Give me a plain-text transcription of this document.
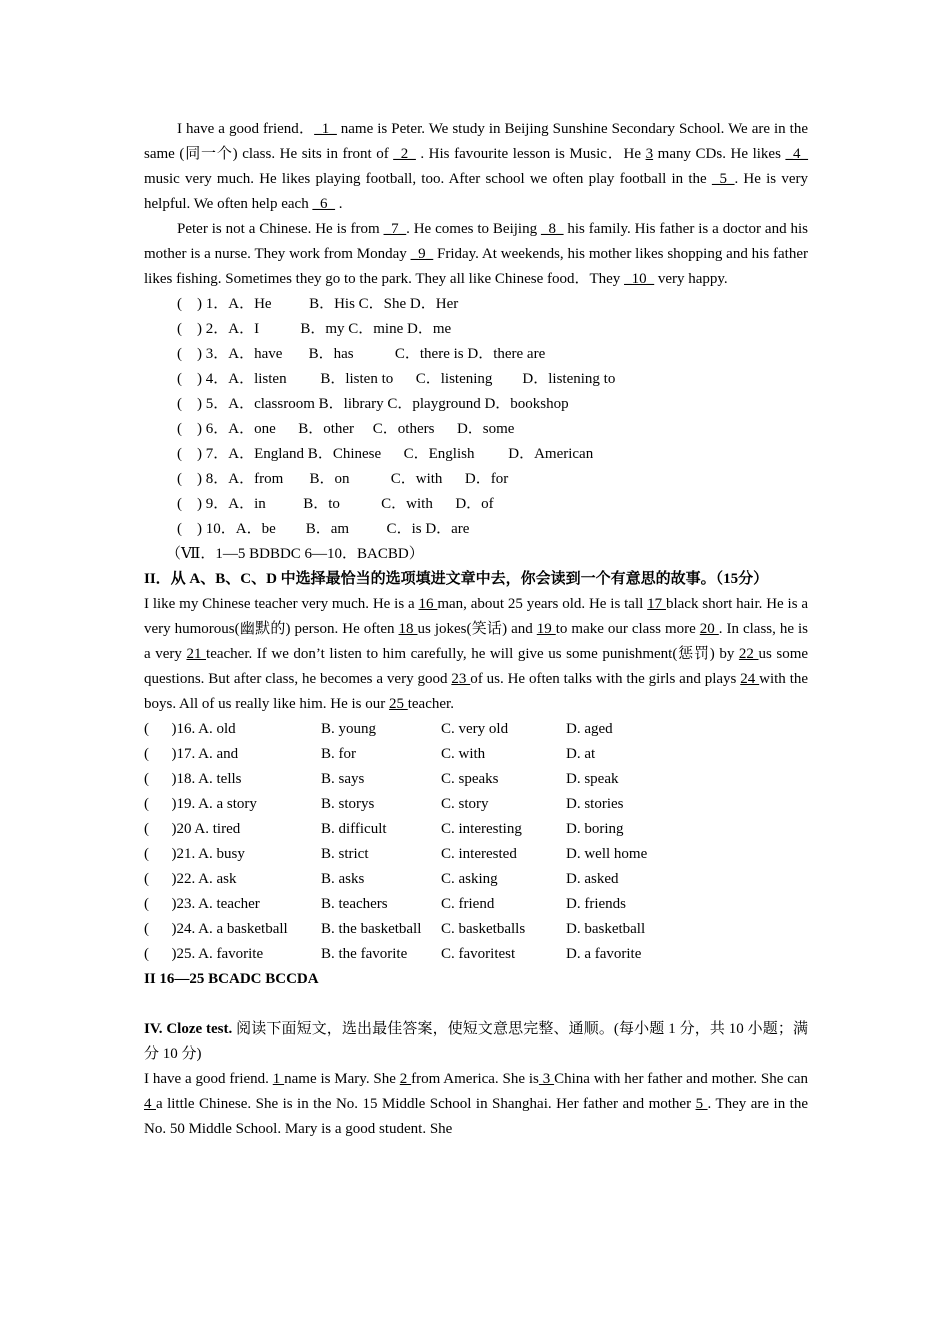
I have a good friend．_1_ name is Peter. We study in Beijing Sunshine Secondary School. We are in the same (同一个) class. He sits in front of _2_ . His favourite lesson is Music．He 3 many CDs. He likes _4_ music very much. He likes playing football, too. After school we often play football in the _5_. He is very helpful. We often help each _6_ .

Peter is not a Chinese. He is from _7_. He comes to Beijing _8_ his family. His father is a doctor and his mother is a nurse. They work from Monday _9_ Friday. At weekends, his mother likes shopping and his father likes fishing. Sometimes they go to the park. They all like Chinese food．They _10_ very happy.

(    ) 1．A．He          B．His C．She D．Her
(    ) 2．A．I           B．my C．mine D．me
(    ) 3．A．have       B．has           C．there is D．there are
(    ) 4．A．listen         B．listen to      C．listening        D．listening to
(    ) 5．A．classroom B．library C．playground D．bookshop
(    ) 6．A．one      B．other     C．others      D．some
(    ) 7．A．England B．Chinese      C．English         D．American
(    ) 8．A．from       B．on           C．with      D．for
(    ) 9．A．in          B．to           C．with      D．of
(    ) 10．A．be        B．am          C．is D．are
（Ⅶ．1—5 BDBDC 6—10．BACBD）

II．从 A、B、C、D 中选择最恰当的选项填进文章中去，你会读到一个有意思的故事。（15分）

I like my Chinese teacher very much. He is a 16 man, about 25 years old. He is tall 17 black short hair. He is a very humorous(幽默的) person. He often 18 us jokes(笑话) and 19 to make our class more 20 . In class, he is a very 21 teacher. If we don’t listen to him carefully, he will give us some punishment(惩罚) by 22 us some questions. But after class, he becomes a very good 23 of us. He often talks with the girls and plays 24 with the boys. All of us really like him. He is our 25 teacher.

(      )16. A. old	B. young	C. very old	D. aged
(      )17. A. and	B. for	C. with	D. at
(      )18. A. tells	B. says	C. speaks	D. speak
(      )19. A. a story	B. storys	C. story	D. stories
(      )20 A. tired	B. difficult	C. interesting	D. boring
(      )21. A. busy	B. strict	C. interested	D. well home
(      )22. A. ask	B. asks	C. asking	D. asked
(      )23. A. teacher	B. teachers	C. friend	D. friends
(      )24. A. a basketball B. the basketball C. basketballs	D. basketball
(      )25. A. favorite	B. the favorite C. favoritest	D. a favorite
II 16—25 BCADC BCCDA

IV. Cloze test. 阅读下面短文，选出最佳答案，使短文意思完整、通顺。(每小题 1 分，共 10 小题；满分 10 分)

I have a good friend. 1 name is Mary. She 2 from America. She is 3 China with her father and mother. She can 4 a little Chinese. She is in the No. 15 Middle School in Shanghai. Her father and mother 5 . They are in the No. 50 Middle School. Mary is a good student. She
